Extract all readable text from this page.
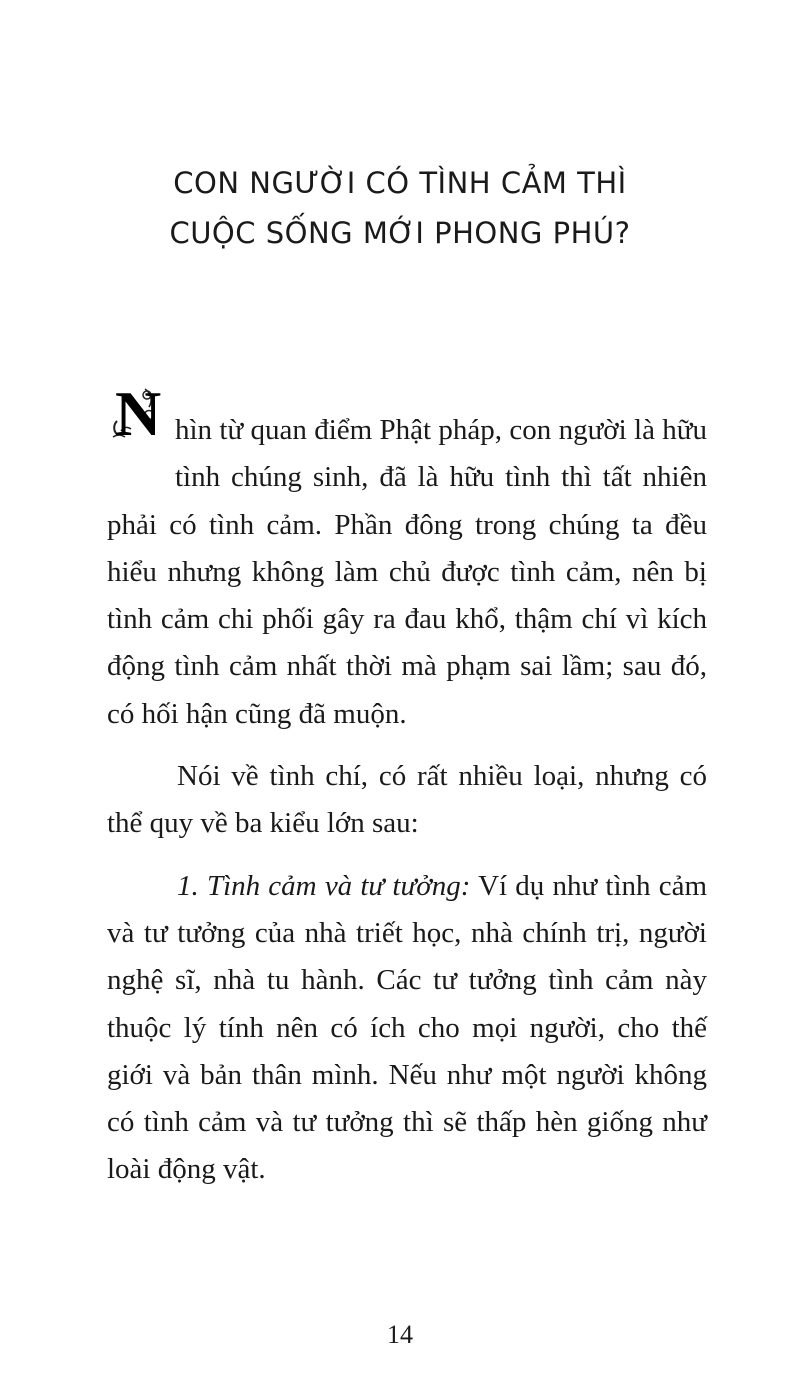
CON NGƯỜI CÓ TÌNH CẢM THÌ
CUỘC SỐNG MỚI PHONG PHÚ?

N hìn từ quan điểm Phật pháp, con người là hữu tình chúng sinh, đã là hữu tình thì tất nhiên phải có tình cảm. Phần đông trong chúng ta đều hiểu nhưng không làm chủ được tình cảm, nên bị tình cảm chi phối gây ra đau khổ, thậm chí vì kích động tình cảm nhất thời mà phạm sai lầm; sau đó, có hối hận cũng đã muộn.

Nói về tình chí, có rất nhiều loại, nhưng có thể quy về ba kiểu lớn sau:

1. Tình cảm và tư tưởng: Ví dụ như tình cảm và tư tưởng của nhà triết học, nhà chính trị, người nghệ sĩ, nhà tu hành. Các tư tưởng tình cảm này thuộc lý tính nên có ích cho mọi người, cho thế giới và bản thân mình. Nếu như một người không có tình cảm và tư tưởng thì sẽ thấp hèn giống như loài động vật.

14
